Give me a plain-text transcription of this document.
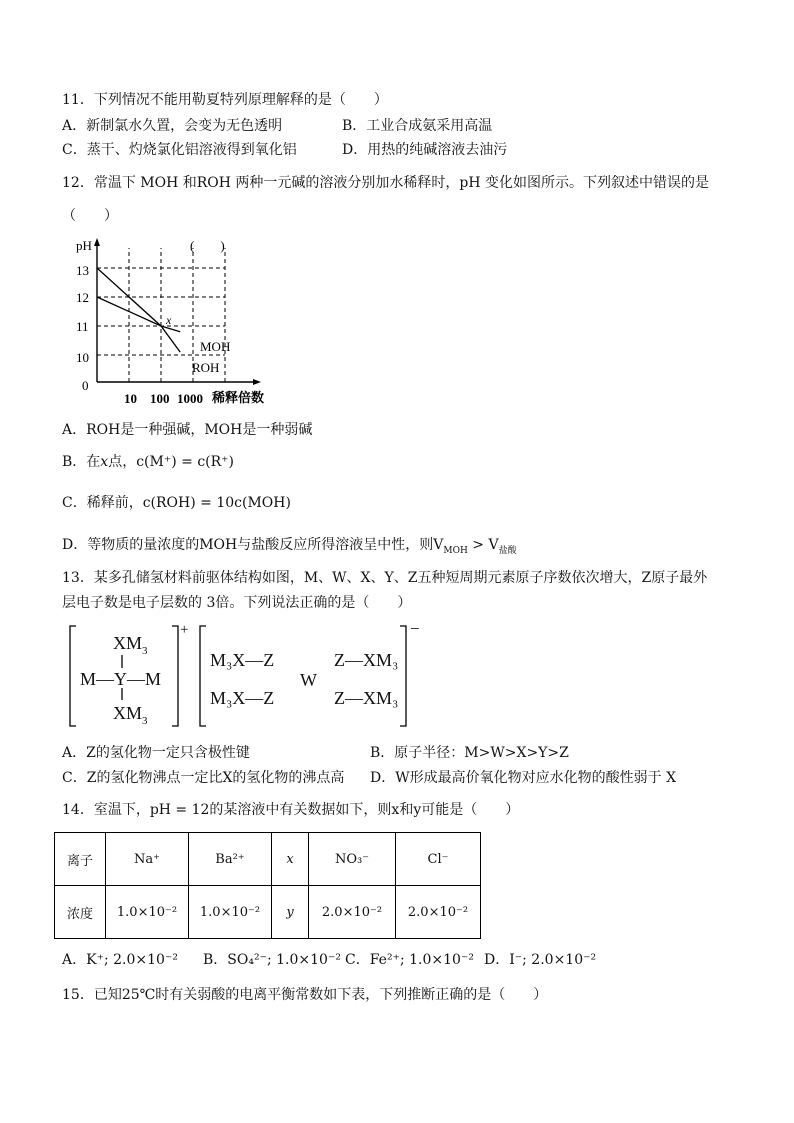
11．下列情况不能用勒夏特列原理解释的是（　　）
A．新制氯水久置，会变为无色透明	B．工业合成氨采用高温
C．蒸干、灼烧氯化铝溶液得到氧化铝	D．用热的纯碱溶液去油污
12．常温下 MOH 和ROH 两种一元碱的溶液分别加水稀释时，pH 变化如图所示。下列叙述中错误的是
（　　）
pH	(　　)
稀释倍数
13
12
11
10
0
10 100 1000
x
MOH
ROH
A．ROH是一种强碱，MOH是一种弱碱
B．在x点，c(M⁺) = c(R⁺)
C．稀释前，c(ROH) = 10c(MOH)
D．等物质的量浓度的MOH与盐酸反应所得溶液呈中性，则$V_{MOH} > V_{盐酸}$
13．某多孔储氢材料前驱体结构如图，M、W、X、Y、Z五种短周期元素原子序数依次增大，Z原子最外
层电子数是电子层数的 3倍。下列说法正确的是（　　）
$XM_3$
M—Y—M
$XM_3$
+
M₃X—Z
M₃X—Z
W
Z—XM₃
Z—XM₃
−
A．Z的氢化物一定只含极性键	B．原子半径：M>W>X>Y>Z
C．Z的氢化物沸点一定比X的氢化物的沸点高 D．W形成最高价氧化物对应水化物的酸性弱于 X
14．室温下，pH = 12的某溶液中有关数据如下，则x和y可能是（　　）
离子	Na⁺	Ba²⁺	x	NO₃⁻	Cl⁻
浓度	1.0×10⁻²	1.0×10⁻²	y	2.0×10⁻²	2.0×10⁻²
A．K⁺; 2.0×10⁻² B．SO₄²⁻; 1.0×10⁻² C．Fe²⁺; 1.0×10⁻² D．I⁻; 2.0×10⁻²
15．已知25℃时有关弱酸的电离平衡常数如下表，下列推断正确的是（　　）
